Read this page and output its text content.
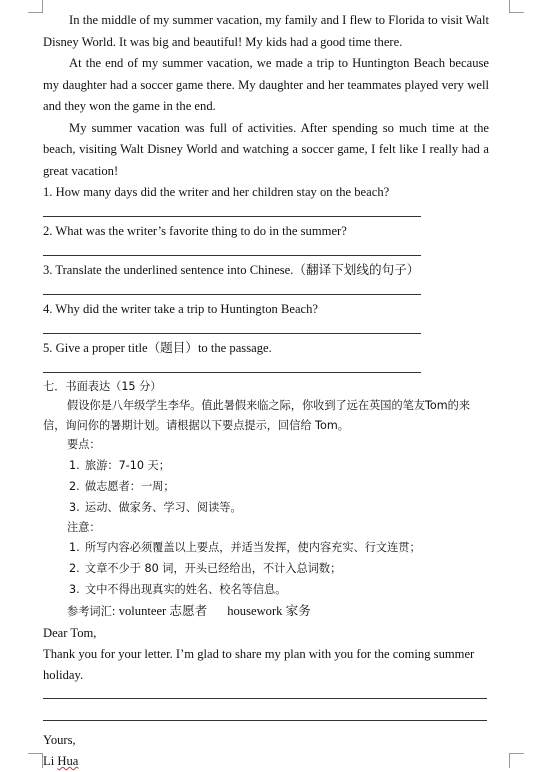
In the middle of my summer vacation, my family and I flew to Florida to visit Walt Disney World. It was big and beautiful! My kids had a good time there.

At the end of my summer vacation, we made a trip to Huntington Beach because my daughter had a soccer game there. My daughter and her teammates played very well and they won the game in the end.

My summer vacation was full of activities. After spending so much time at the beach, visiting Walt Disney World and watching a soccer game, I felt like I really had a great vacation!

1. How many days did the writer and her children stay on the beach?

2. What was the writer’s favorite thing to do in the summer?

3. Translate the underlined sentence into Chinese.（翻译下划线的句子）

4. Why did the writer take a trip to Huntington Beach?

5. Give a proper title（题目）to the passage.

七．书面表达（15 分）

假设你是八年级学生李华。值此暑假来临之际，你收到了远在英国的笔友Tom的来信，询问你的暑期计划。请根据以下要点提示，回信给 Tom。

要点：

1. 旅游：7-10 天；

2. 做志愿者：一周；

3. 运动、做家务、学习、阅读等。

注意：

1. 所写内容必须覆盖以上要点，并适当发挥，使内容充实、行文连贯；

2. 文章不少于 80 词，开头已经给出，不计入总词数；

3. 文中不得出现真实的姓名、校名等信息。

参考词汇: volunteer 志愿者 housework 家务

Dear Tom,

Thank you for your letter. I’m glad to share my plan with you for the coming summer holiday.

Yours,

Li Hua
